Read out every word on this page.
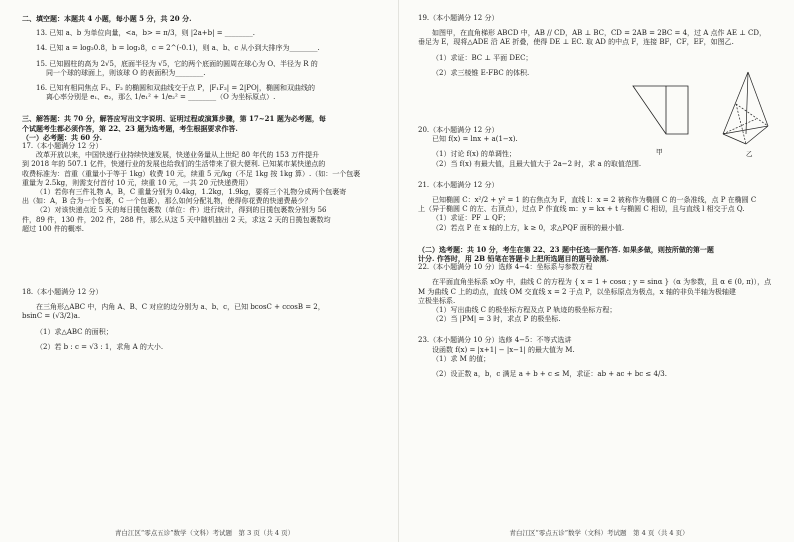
二、填空题：本题共 4 小题，每小题 5 分，共 20 分.
13. 已知 a、b 为单位向量，<a，b> = π/3，则 |2a+b| = ________.
14. 已知 a = log₂0.8，b = log₂8，c = 2^(-0.1)，则 a、b、c 从小到大排序为________.
15. 已知圆柱的高为 2√5，底面半径为 √5，它的两个底面的圆周在球心为 O、半径为 R 的
同一个球的球面上，则该球 O 的表面积为________.
16. 已知有相同焦点 F₁、F₂ 的椭圆和双曲线交于点 P，|F₁F₂| = 2|PO|，椭圆和双曲线的
离心率分别是 e₁、e₂，那么 1/e₁² + 1/e₂² = ________（O 为坐标原点）.
三、解答题：共 70 分，解答应写出文字说明、证明过程或演算步骤，第 17~21 题为必考题，每
个试题考生都必须作答，第 22、23 题为选考题，考生根据要求作答.
（一）必考题：共 60 分.
17.（本小题满分 12 分）
改革开放以来，中国快递行业持续快速发展，快递业务量从上世纪 80 年代的 153 万件提升
到 2018 年的 507.1 亿件，快递行业的发展也给我们的生活带来了很大便利. 已知某市某快递点的
收费标准为：首重（重量小于等于 1kg）收费 10 元，续重 5 元/kg（不足 1kg 按 1kg 算）.（如：一个包裹
重量为 2.5kg，则需支付首付 10 元，续重 10 元，一共 20 元快递费用）
（1）若你有三件礼物 A，B，C 重量分别为 0.4kg，1.2kg，1.9kg，要将三个礼物分成两个包裹寄
出（如：A，B 合为一个包裹，C 一个包裹），那么如何分配礼物，使得你花费的快递费最少？
（2）对该快递点近 5 天的每日揽包裹数（单位：件）进行统计，得到的日揽包裹数分别为 56
件，89 件，130 件，202 件，288 件，那么从这 5 天中随机抽出 2 天，求这 2 天的日揽包裹数均
超过 100 件的概率.
18.（本小题满分 12 分）
在三角形△ABC 中，内角 A、B、C 对应的边分别为 a、b、c，已知 bcosC + ccosB = 2，
bsinC = (√3/2)a.
（1）求△ABC 的面积；
（2）若 b : c = √3 : 1，求角 A 的大小.
青白江区“零点五诊”数学（文科）考试题　第 3 页（共 4 页）
19.（本小题满分 12 分）
如图甲，在直角梯形 ABCD 中，AB // CD，AB ⊥ BC，CD = 2AB = 2BC = 4，过 A 点作 AE ⊥ CD，
垂足为 E，现将△ADE 沿 AE 折叠，使得 DE ⊥ EC. 取 AD 的中点 F，连接 BF，CF，EF，如图乙.
（1）求证：BC ⊥ 平面 DEC；
（2）求三棱锥 E-FBC 的体积.
甲	乙
20.（本小题满分 12 分）
已知 f(x) = lnx + a(1−x).
（1）讨论 f(x) 的单调性；
（2）当 f(x) 有最大值，且最大值大于 2a−2 时，求 a 的取值范围.
21.（本小题满分 12 分）
已知椭圆 C：x²/2 + y² = 1 的右焦点为 F，直线 l：x = 2 被称作为椭圆 C 的一条准线，点 P 在椭圆 C
上（异于椭圆 C 的左、右顶点），过点 P 作直线 m：y = kx + t 与椭圆 C 相切，且与直线 l 相交于点 Q.
（1）求证：PF ⊥ QF；
（2）若点 P 在 x 轴的上方，k ≥ 0，求△PQF 面积的最小值.
（二）选考题：共 10 分，考生在第 22、23 题中任选一题作答. 如果多做，则按所做的第一题
计分. 作答时，用 2B 铅笔在答题卡上把所选题目的题号涂黑.
22.（本小题满分 10 分）选修 4−4：坐标系与参数方程
在平面直角坐标系 xOy 中，曲线 C 的方程为 { x = 1 + cosα ; y = sinα }（α 为参数，且 α ∈ (0, π)），点
M 为曲线 C 上的动点，直线 OM 交直线 x = 2 于点 P，以坐标原点为极点，x 轴的非负半轴为极轴建
立极坐标系.
（1）写出曲线 C 的极坐标方程及点 P 轨迹的极坐标方程；
（2）当 |PM| = 3 时，求点 P 的极坐标.
23.（本小题满分 10 分）选修 4−5：不等式选讲
设函数 f(x) = |x+1| − |x−1| 的最大值为 M.
（1）求 M 的值；
（2）设正数 a，b，c 满足 a + b + c ≤ M，求证：ab + ac + bc ≤ 4/3.
青白江区“零点五诊”数学（文科）考试题　第 4 页（共 4 页）
